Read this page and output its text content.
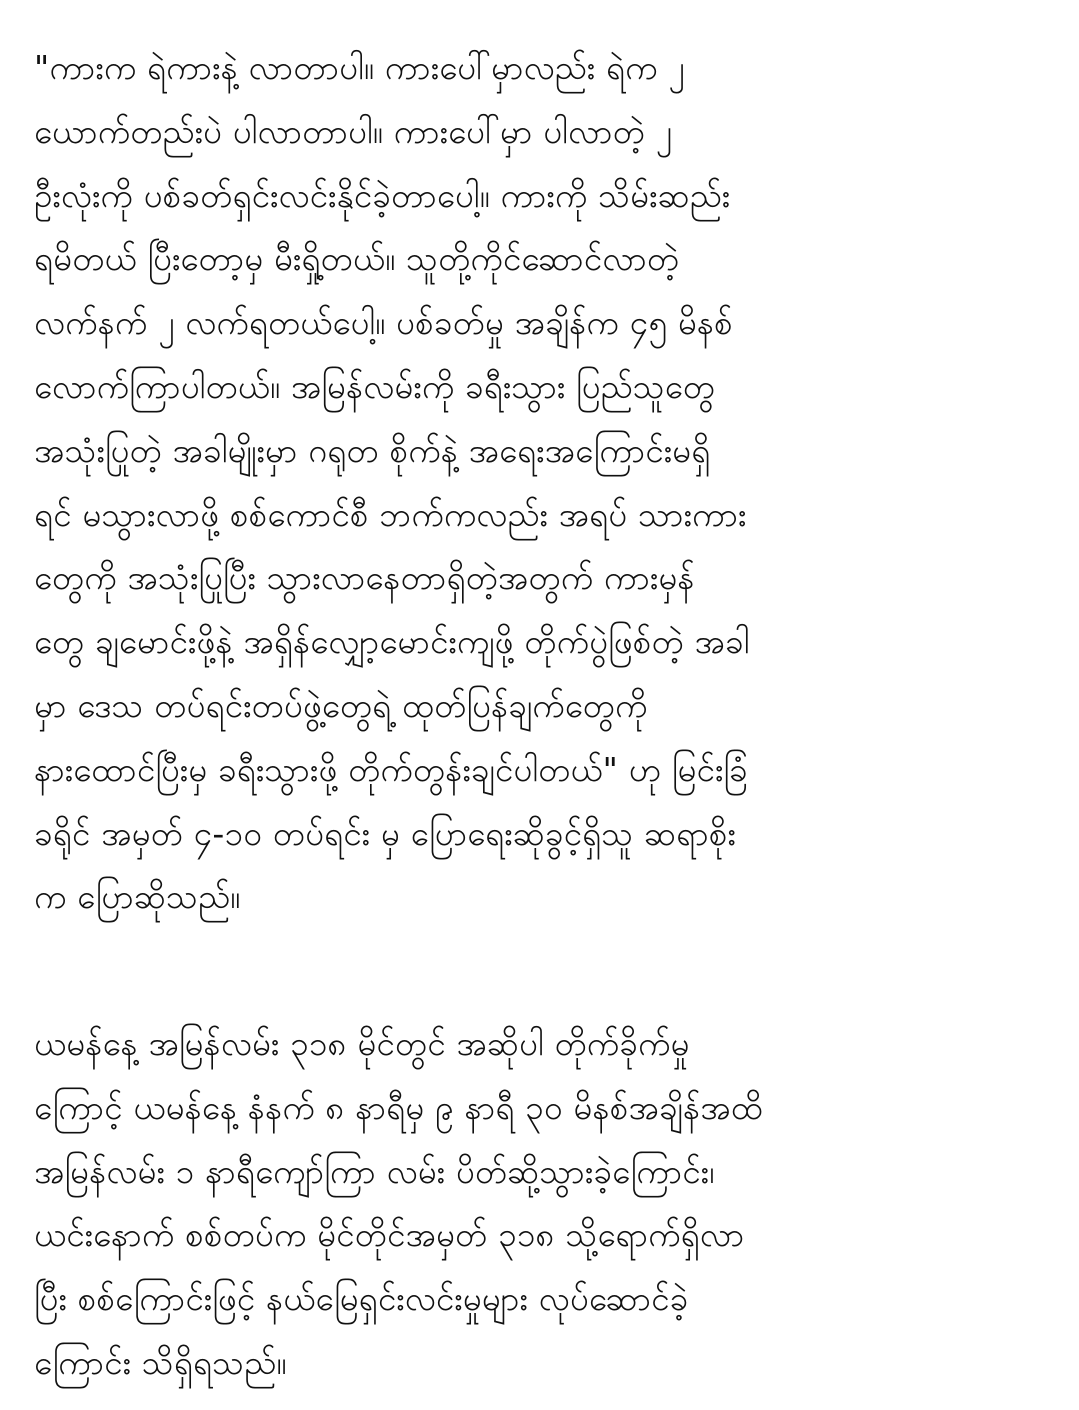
"ကားက ရဲကားနဲ့ လာတာပါ။ ကားပေါ်မှာလည်း ရဲက ၂
ယောက်တည်းပဲ ပါလာတာပါ။ ကားပေါ်မှာ ပါလာတဲ့ ၂
ဦးလုံးကို ပစ်ခတ်ရှင်းလင်းနိုင်ခဲ့တာပေါ့။ ကားကို သိမ်းဆည်း
ရမိတယ် ပြီးတော့မှ မီးရှို့တယ်။ သူတို့ကိုင်ဆောင်လာတဲ့
လက်နက် ၂ လက်ရတယ်ပေါ့။ ပစ်ခတ်မှု အချိန်က ၄၅ မိနစ်
လောက်ကြာပါတယ်။ အမြန်လမ်းကို ခရီးသွား ပြည်သူတွေ
အသုံးပြုတဲ့ အခါမျိုးမှာ ဂရုတ စိုက်နဲ့ အရေးအကြောင်းမရှိ
ရင် မသွားလာဖို့ စစ်ကောင်စီ ဘက်ကလည်း အရပ် သားကား
တွေကို အသုံးပြုပြီး သွားလာနေတာရှိတဲ့အတွက် ကားမှန်
တွေ ချမောင်းဖို့နဲ့ အရှိန်လျှော့မောင်းကျဖို့ တိုက်ပွဲဖြစ်တဲ့ အခါ
မှာ ဒေသ တပ်ရင်းတပ်ဖွဲ့တွေရဲ့ ထုတ်ပြန်ချက်တွေကို
နားထောင်ပြီးမှ ခရီးသွားဖို့ တိုက်တွန်းချင်ပါတယ်" ဟု မြင်းခြံ
ခရိုင် အမှတ် ၄-၁၀ တပ်ရင်း မှ ပြောရေးဆိုခွင့်ရှိသူ ဆရာစိုး
က ပြောဆိုသည်။
ယမန်နေ့ အမြန်လမ်း ၃၁၈ မိုင်တွင် အဆိုပါ တိုက်ခိုက်မှု
ကြောင့် ယမန်နေ့ နံနက် ၈ နာရီမှ ၉ နာရီ ၃၀ မိနစ်အချိန်အထိ
အမြန်လမ်း ၁ နာရီကျော်ကြာ လမ်း ပိတ်ဆို့သွားခဲ့ကြောင်း၊
ယင်းနောက် စစ်တပ်က မိုင်တိုင်အမှတ် ၃၁၈ သို့ရောက်ရှိလာ
ပြီး စစ်ကြောင်းဖြင့် နယ်မြေရှင်းလင်းမှုများ လုပ်ဆောင်ခဲ့
ကြောင်း သိရှိရသည်။
